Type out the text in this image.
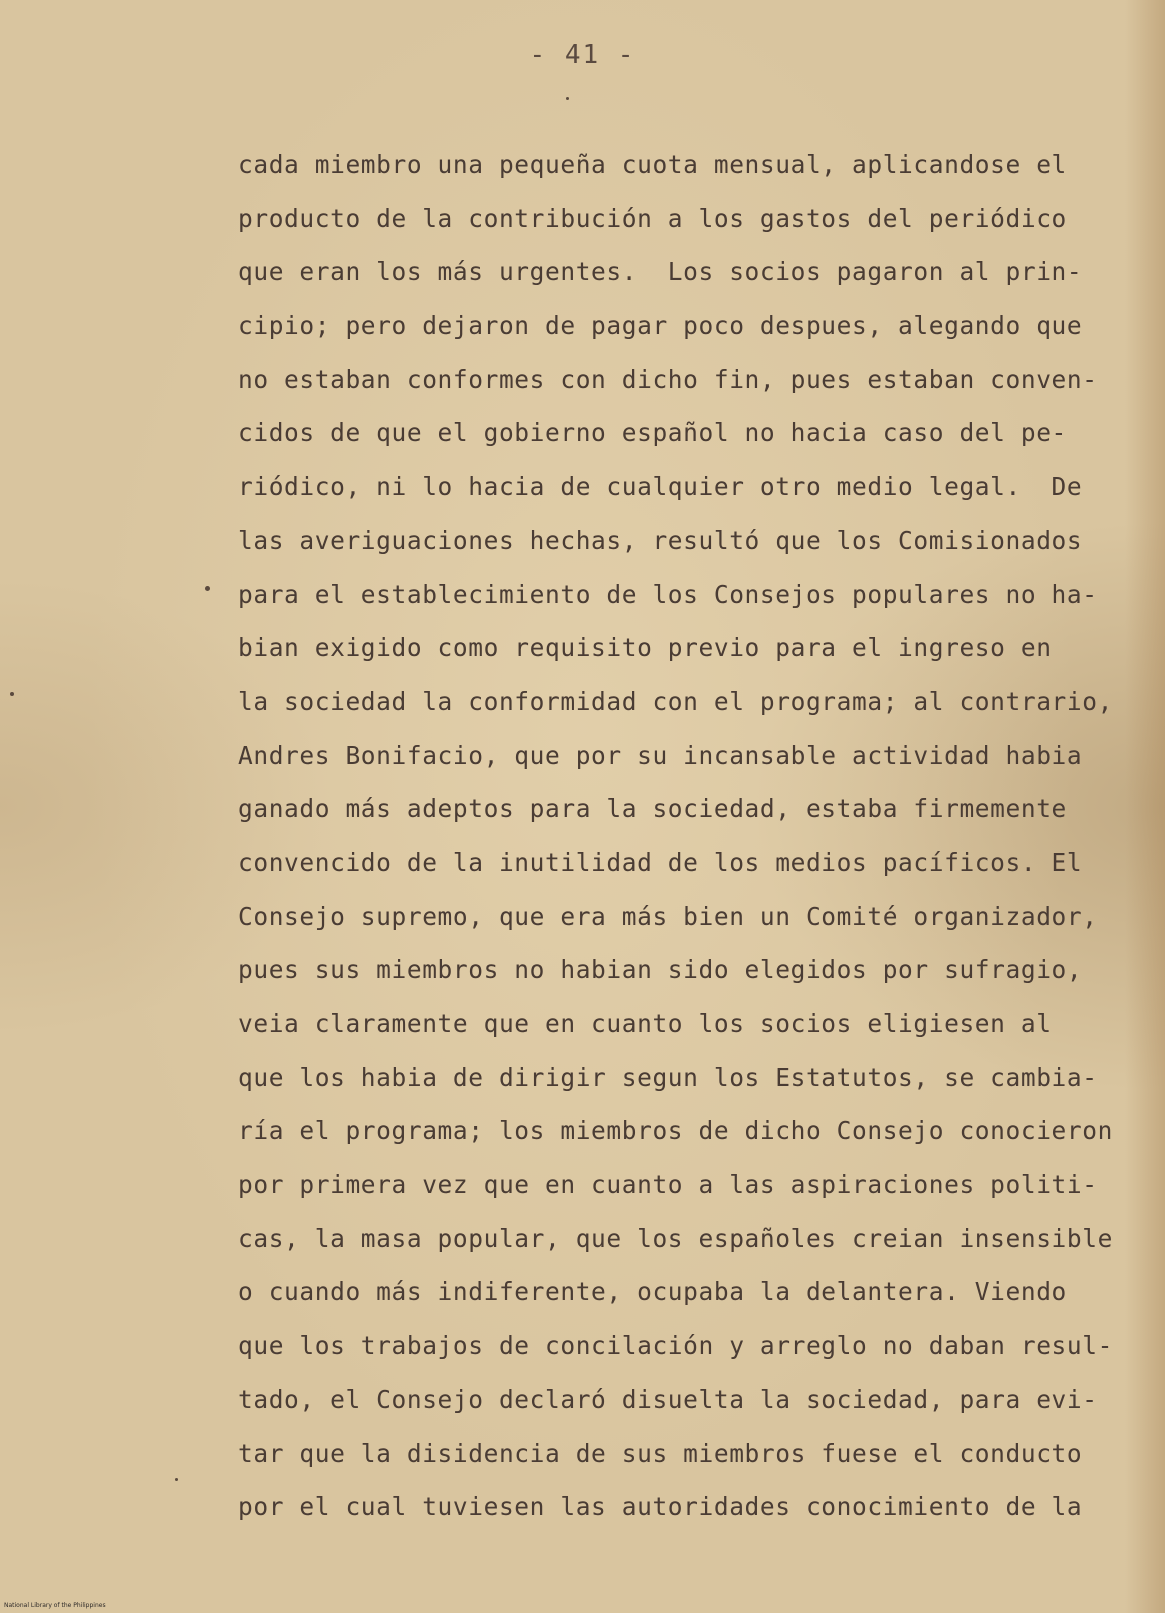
- 41 -
cada miembro una pequeña cuota mensual, aplicandose el
producto de la contribución a los gastos del periódico
que eran los más urgentes.  Los socios pagaron al prin-
cipio; pero dejaron de pagar poco despues, alegando que
no estaban conformes con dicho fin, pues estaban conven-
cidos de que el gobierno español no hacia caso del pe-
riódico, ni lo hacia de cualquier otro medio legal.  De
las averiguaciones hechas, resultó que los Comisionados
para el establecimiento de los Consejos populares no ha-
bian exigido como requisito previo para el ingreso en
la sociedad la conformidad con el programa; al contrario,
Andres Bonifacio, que por su incansable actividad habia
ganado más adeptos para la sociedad, estaba firmemente
convencido de la inutilidad de los medios pacíficos. El
Consejo supremo, que era más bien un Comité organizador,
pues sus miembros no habian sido elegidos por sufragio,
veia claramente que en cuanto los socios eligiesen al
que los habia de dirigir segun los Estatutos, se cambia-
ría el programa; los miembros de dicho Consejo conocieron
por primera vez que en cuanto a las aspiraciones politi-
cas, la masa popular, que los españoles creian insensible
o cuando más indiferente, ocupaba la delantera. Viendo
que los trabajos de concilación y arreglo no daban resul-
tado, el Consejo declaró disuelta la sociedad, para evi-
tar que la disidencia de sus miembros fuese el conducto
por el cual tuviesen las autoridades conocimiento de la
National Library of the Philippines
